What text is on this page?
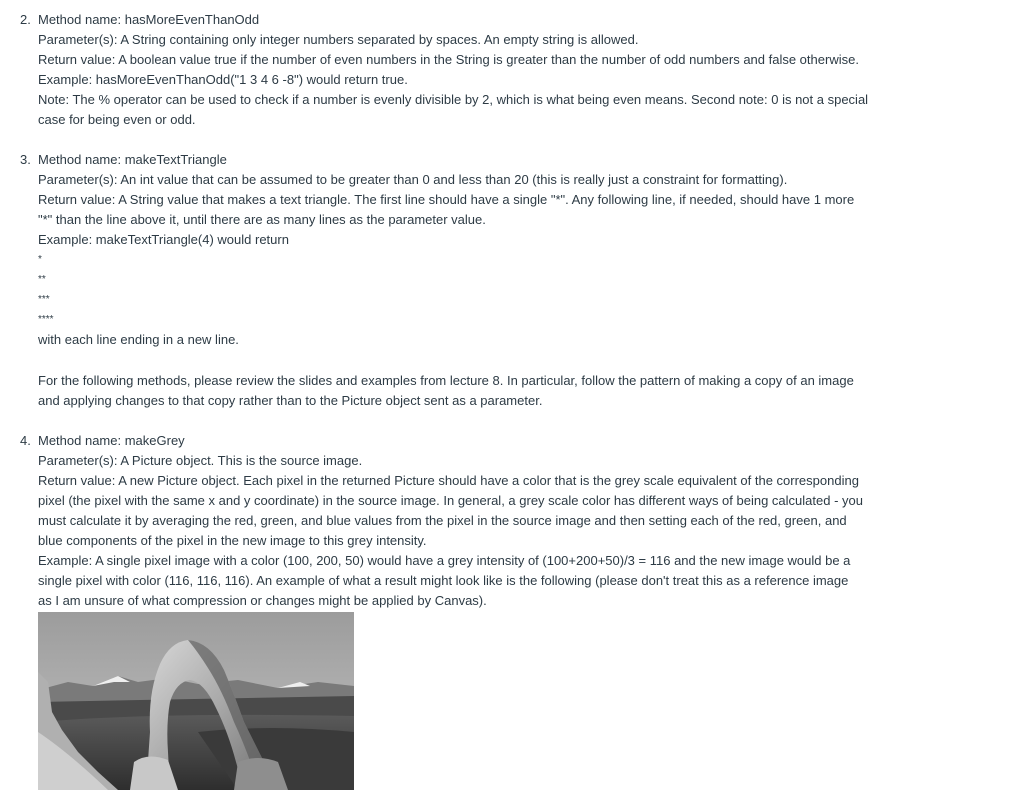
2. Method name: hasMoreEvenThanOdd
Parameter(s): A String containing only integer numbers separated by spaces. An empty string is allowed.
Return value: A boolean value true if the number of even numbers in the String is greater than the number of odd numbers and false otherwise.
Example: hasMoreEvenThanOdd("1 3 4 6 -8") would return true.
Note: The % operator can be used to check if a number is evenly divisible by 2, which is what being even means. Second note: 0 is not a special
case for being even or odd.
3. Method name: makeTextTriangle
Parameter(s): An int value that can be assumed to be greater than 0 and less than 20 (this is really just a constraint for formatting).
Return value: A String value that makes a text triangle. The first line should have a single "*". Any following line, if needed, should have 1 more
"*" than the line above it, until there are as many lines as the parameter value.
Example: makeTextTriangle(4) would return
*
**
***
****
with each line ending in a new line.
For the following methods, please review the slides and examples from lecture 8. In particular, follow the pattern of making a copy of an image
and applying changes to that copy rather than to the Picture object sent as a parameter.
4. Method name: makeGrey
Parameter(s): A Picture object. This is the source image.
Return value: A new Picture object. Each pixel in the returned Picture should have a color that is the grey scale equivalent of the corresponding
pixel (the pixel with the same x and y coordinate) in the source image. In general, a grey scale color has different ways of being calculated - you
must calculate it by averaging the red, green, and blue values from the pixel in the source image and then setting each of the red, green, and
blue components of the pixel in the new image to this grey intensity.
Example: A single pixel image with a color (100, 200, 50) would have a grey intensity of (100+200+50)/3 = 116 and the new image would be a
single pixel with color (116, 116, 116). An example of what a result might look like is the following (please don't treat this as a reference image
as I am unsure of what compression or changes might be applied by Canvas).
